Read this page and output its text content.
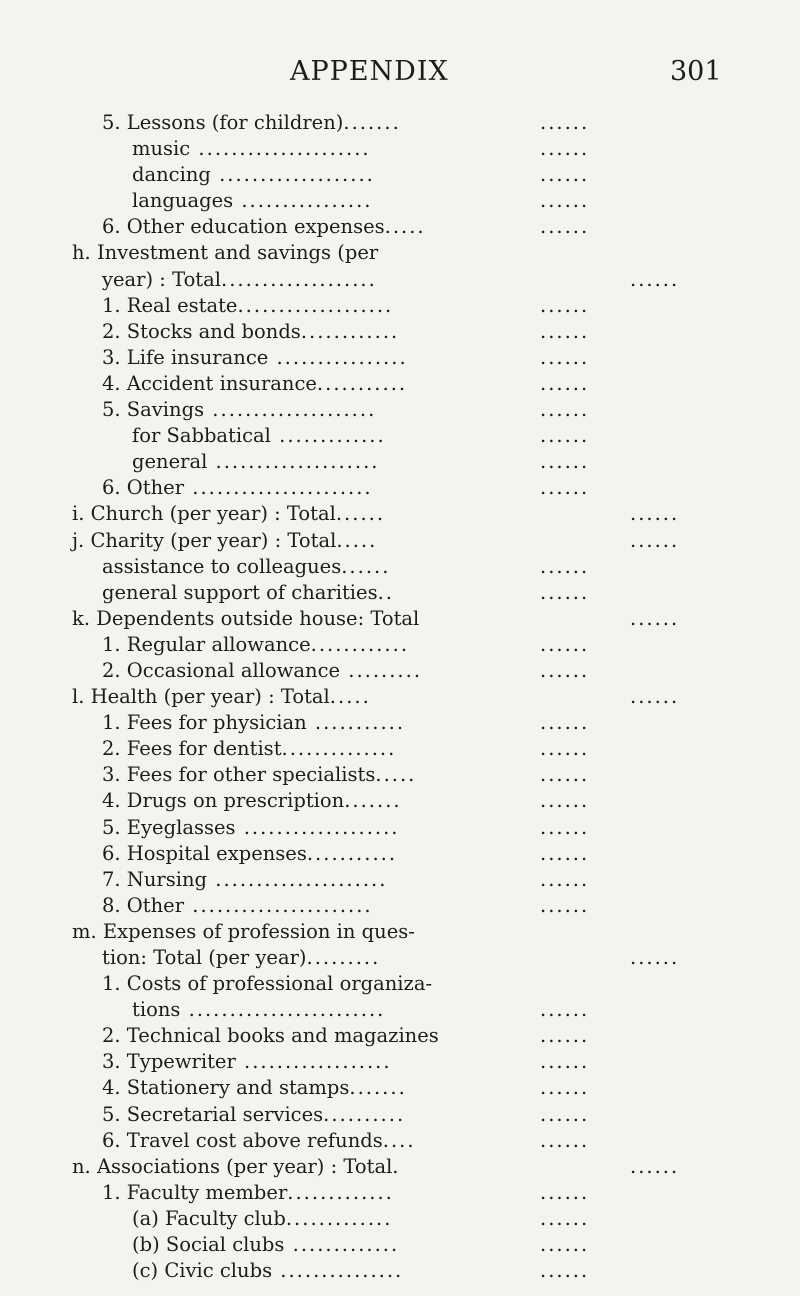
APPENDIX	301
5. Lessons (for children).......	......
music .....................	......
dancing ...................	......
languages ................	......
6. Other education expenses.....	......
h. Investment and savings (per
year) : Total...................	......
1. Real estate...................	......
2. Stocks and bonds............	......
3. Life insurance ................	......
4. Accident insurance...........	......
5. Savings ....................	......
for Sabbatical .............	......
general ....................	......
6. Other ......................	......
i. Church (per year) : Total......	......
j. Charity (per year) : Total.....	......
assistance to colleagues......	......
general support of charities..	......
k. Dependents outside house: Total	......
1. Regular allowance............	......
2. Occasional allowance .........	......
l. Health (per year) : Total.....	......
1. Fees for physician ...........	......
2. Fees for dentist..............	......
3. Fees for other specialists.....	......
4. Drugs on prescription.......	......
5. Eyeglasses ...................	......
6. Hospital expenses...........	......
7. Nursing .....................	......
8. Other ......................	......
m. Expenses of profession in ques-
tion: Total (per year).........	......
1. Costs of professional organiza-
tions ........................	......
2. Technical books and magazines	......
3. Typewriter ..................	......
4. Stationery and stamps.......	......
5. Secretarial services..........	......
6. Travel cost above refunds....	......
n. Associations (per year) : Total.	......
1. Faculty member.............	......
(a) Faculty club.............	......
(b) Social clubs .............	......
(c) Civic clubs ...............	......
